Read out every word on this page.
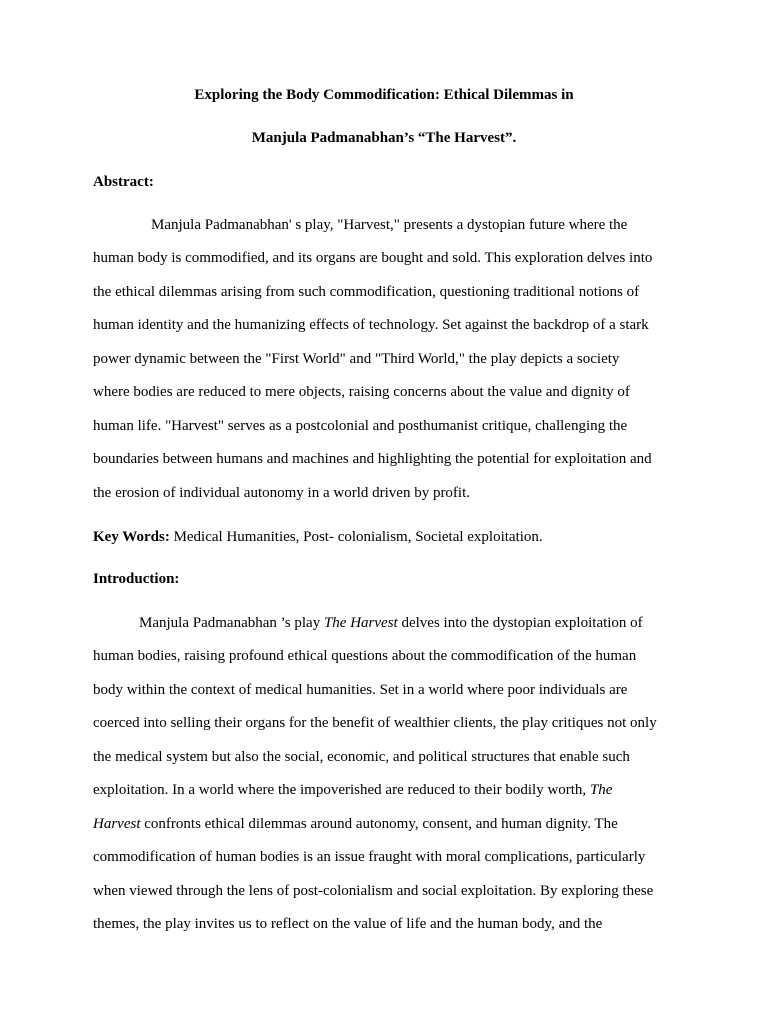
Exploring the Body Commodification: Ethical Dilemmas in
Manjula Padmanabhan’s “The Harvest”.
Abstract:
Manjula Padmanabhan' s play, "Harvest," presents a dystopian future where the
human body is commodified, and its organs are bought and sold. This exploration delves into
the ethical dilemmas arising from such commodification, questioning traditional notions of
human identity and the humanizing effects of technology. Set against the backdrop of a stark
power dynamic between the "First World" and "Third World," the play depicts a society
where bodies are reduced to mere objects, raising concerns about the value and dignity of
human life. "Harvest" serves as a postcolonial and posthumanist critique, challenging the
boundaries between humans and machines and highlighting the potential for exploitation and
the erosion of individual autonomy in a world driven by profit.
Key Words: Medical Humanities, Post- colonialism, Societal exploitation.
Introduction:
Manjula Padmanabhan ’s play The Harvest delves into the dystopian exploitation of
human bodies, raising profound ethical questions about the commodification of the human
body within the context of medical humanities. Set in a world where poor individuals are
coerced into selling their organs for the benefit of wealthier clients, the play critiques not only
the medical system but also the social, economic, and political structures that enable such
exploitation. In a world where the impoverished are reduced to their bodily worth, The
Harvest confronts ethical dilemmas around autonomy, consent, and human dignity. The
commodification of human bodies is an issue fraught with moral complications, particularly
when viewed through the lens of post-colonialism and social exploitation. By exploring these
themes, the play invites us to reflect on the value of life and the human body, and the
